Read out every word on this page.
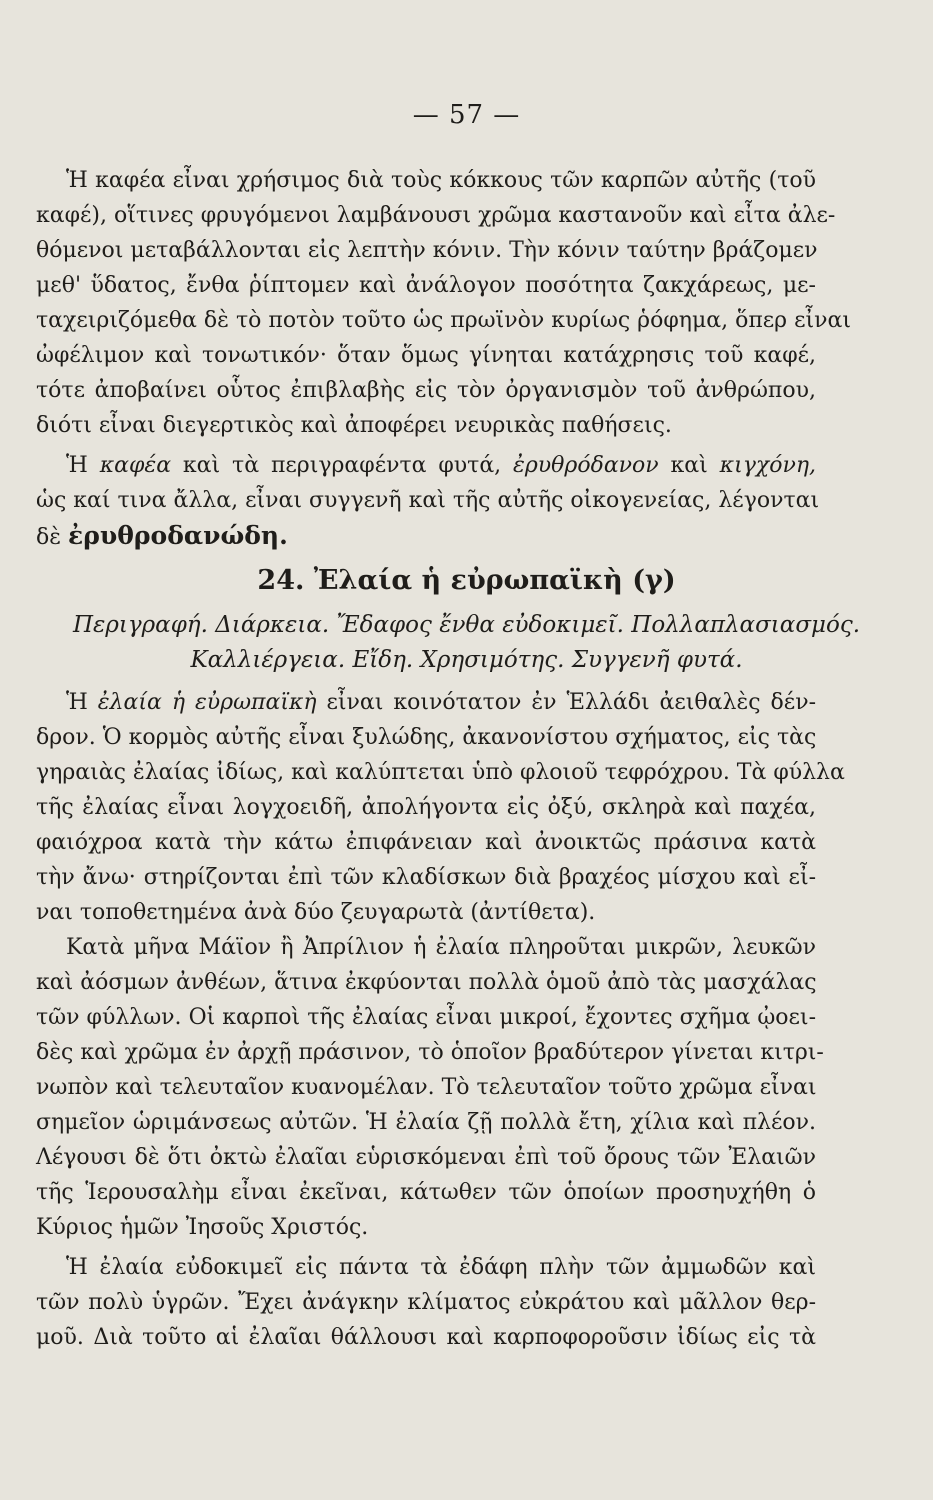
— 57 —
Ἡ καφέα εἶναι χρήσιμος διὰ τοὺς κόκκους τῶν καρπῶν αὐτῆς (τοῦ
καφέ), οἵτινες φρυγόμενοι λαμβάνουσι χρῶμα καστανοῦν καὶ εἶτα ἀλε-
θόμενοι μεταβάλλονται εἰς λεπτὴν κόνιν. Τὴν κόνιν ταύτην βράζομεν
μεθ' ὕδατος, ἔνθα ῥίπτομεν καὶ ἀνάλογον ποσότητα ζακχάρεως, με-
ταχειριζόμεθα δὲ τὸ ποτὸν τοῦτο ὡς πρωϊνὸν κυρίως ῥόφημα, ὅπερ εἶναι
ὠφέλιμον καὶ τονωτικόν· ὅταν ὅμως γίνηται κατάχρησις τοῦ καφέ,
τότε ἀποβαίνει οὗτος ἐπιβλαβὴς εἰς τὸν ὀργανισμὸν τοῦ ἀνθρώπου,
διότι εἶναι διεγερτικὸς καὶ ἀποφέρει νευρικὰς παθήσεις.
Ἡ καφέα καὶ τὰ περιγραφέντα φυτά, ἐρυθρόδανον καὶ κιγχόνη,
ὡς καί τινα ἄλλα, εἶναι συγγενῆ καὶ τῆς αὐτῆς οἰκογενείας, λέγονται
δὲ ἐρυθροδανώδη.
24. Ἐλαία ἡ εὐρωπαϊκὴ (γ)
Περιγραφή. Διάρκεια. Ἔδαφος ἔνθα εὐδοκιμεῖ. Πολλαπλασιασμός.
Καλλιέργεια. Εἴδη. Χρησιμότης. Συγγενῆ φυτά.
Ἡ ἐλαία ἡ εὐρωπαϊκὴ εἶναι κοινότατον ἐν Ἑλλάδι ἀειθαλὲς δέν-
δρον. Ὁ κορμὸς αὐτῆς εἶναι ξυλώδης, ἀκανονίστου σχήματος, εἰς τὰς
γηραιὰς ἐλαίας ἰδίως, καὶ καλύπτεται ὑπὸ φλοιοῦ τεφρόχρου. Τὰ φύλλα
τῆς ἐλαίας εἶναι λογχοειδῆ, ἀπολήγοντα εἰς ὀξύ, σκληρὰ καὶ παχέα,
φαιόχροα κατὰ τὴν κάτω ἐπιφάνειαν καὶ ἀνοικτῶς πράσινα κατὰ
τὴν ἄνω· στηρίζονται ἐπὶ τῶν κλαδίσκων διὰ βραχέος μίσχου καὶ εἶ-
ναι τοποθετημένα ἀνὰ δύο ζευγαρωτὰ (ἀντίθετα).
Κατὰ μῆνα Μάϊον ἢ Ἀπρίλιον ἡ ἐλαία πληροῦται μικρῶν, λευκῶν
καὶ ἀόσμων ἀνθέων, ἅτινα ἐκφύονται πολλὰ ὁμοῦ ἀπὸ τὰς μασχάλας
τῶν φύλλων. Οἱ καρποὶ τῆς ἐλαίας εἶναι μικροί, ἔχοντες σχῆμα ᾠοει-
δὲς καὶ χρῶμα ἐν ἀρχῇ πράσινον, τὸ ὁποῖον βραδύτερον γίνεται κιτρι-
νωπὸν καὶ τελευταῖον κυανομέλαν. Τὸ τελευταῖον τοῦτο χρῶμα εἶναι
σημεῖον ὡριμάνσεως αὐτῶν. Ἡ ἐλαία ζῇ πολλὰ ἔτη, χίλια καὶ πλέον.
Λέγουσι δὲ ὅτι ὀκτὼ ἐλαῖαι εὑρισκόμεναι ἐπὶ τοῦ ὄρους τῶν Ἐλαιῶν
τῆς Ἱερουσαλὴμ εἶναι ἐκεῖναι, κάτωθεν τῶν ὁποίων προσηυχήθη ὁ
Κύριος ἡμῶν Ἰησοῦς Χριστός.
Ἡ ἐλαία εὐδοκιμεῖ εἰς πάντα τὰ ἐδάφη πλὴν τῶν ἀμμωδῶν καὶ
τῶν πολὺ ὑγρῶν. Ἔχει ἀνάγκην κλίματος εὐκράτου καὶ μᾶλλον θερ-
μοῦ. Διὰ τοῦτο αἱ ἐλαῖαι θάλλουσι καὶ καρποφοροῦσιν ἰδίως εἰς τὰ
